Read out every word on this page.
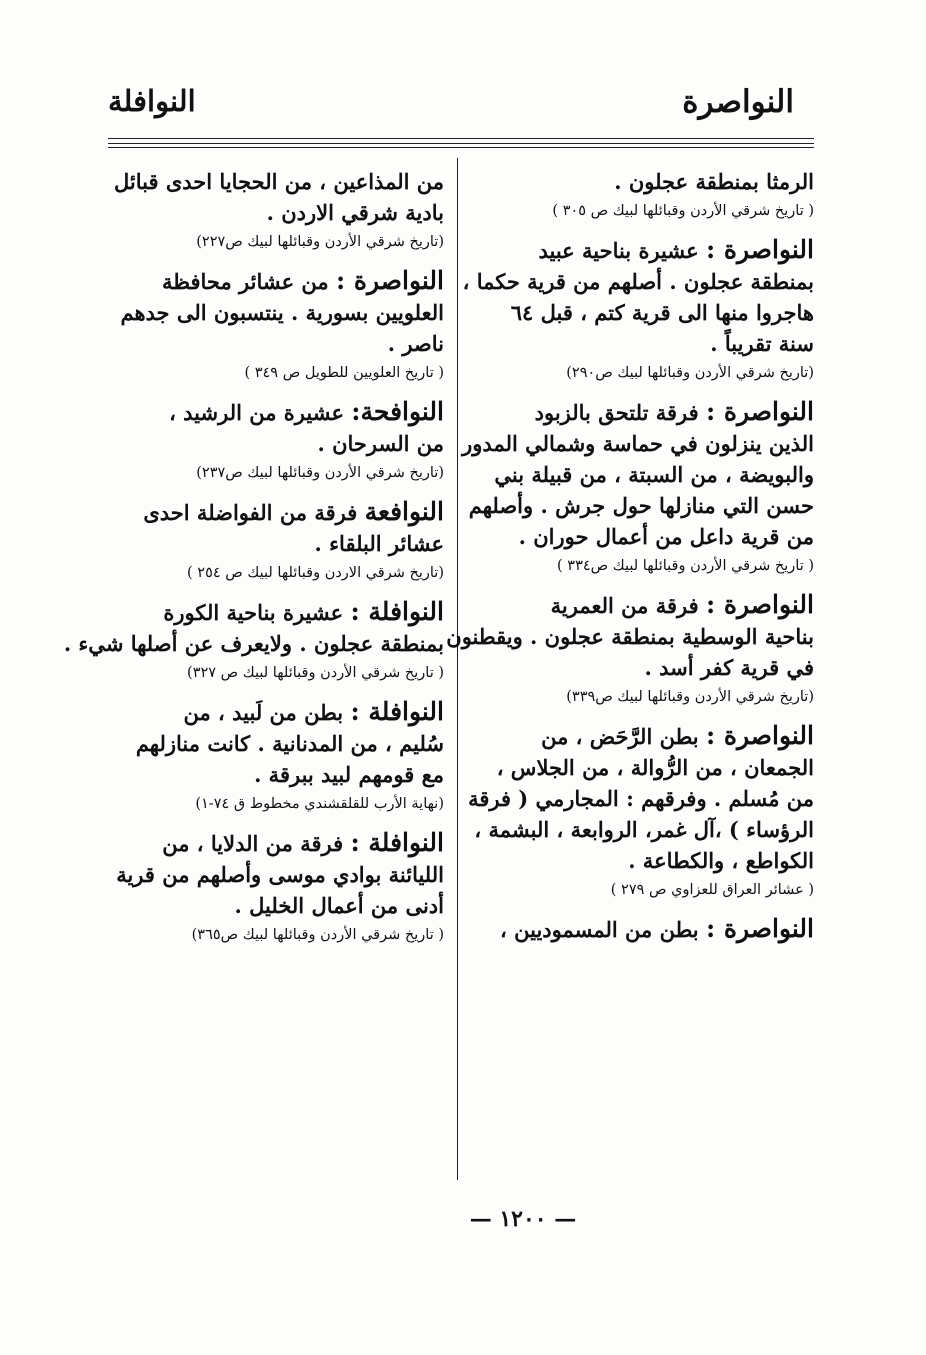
النواصرة
النوافلة
الرمثا بمنطقة عجلون .
( تاريخ شرقي الأردن وقبائلها لبيك ص ٣٠٥ )
النواصرة : عشيرة بناحية عبيد
بمنطقة عجلون . أصلهم من قرية حكما ،
هاجروا منها الى قرية كتم ، قبل ٦٤
سنة تقريباً .
(تاريخ شرقي الأردن وقبائلها لبيك ص٢٩٠)
النواصرة : فرقة تلتحق بالزبود
الذين ينزلون في حماسة وشمالي المدور
والبويضة ، من السبتة ، من قبيلة بني
حسن التي منازلها حول جرش . وأصلهم
من قرية داعل من أعمال حوران .
( تاريخ شرقي الأردن وقبائلها لبيك ص٣٣٤ )
النواصرة : فرقة من العمرية
بناحية الوسطية بمنطقة عجلون . ويقطنون
في قرية كفر أسد .
(تاريخ شرقي الأردن وقبائلها لبيك ص٣٣٩)
النواصرة : بطن الرَّحَض ، من
الجمعان ، من الرُّوالة ، من الجلاس ،
من مُسلم . وفرقهم : المجارمي ( فرقة
الرؤساء ) ،آل غمر، الروابعة ، البشمة ،
الكواطع ، والكطاعة .
( عشائر العراق للعزاوي ص ٢٧٩ )
النواصرة : بطن من المسموديين ،
من المذاعين ، من الحجايا احدى قبائل
بادية شرقي الاردن .
(تاريخ شرقي الأردن وقبائلها لبيك ص٢٢٧)
النواصرة : من عشائر محافظة
العلويين بسورية . ينتسبون الى جدهم
ناصر .
( تاريخ العلويين للطويل ص ٣٤٩ )
النوافحة: عشيرة من الرشيد ،
من السرحان .
(تاريخ شرقي الأردن وقبائلها لبيك ص٢٣٧)
النوافعة فرقة من الفواضلة احدى
عشائر البلقاء .
(تاريخ شرقي الاردن وقبائلها لبيك ص ٢٥٤ )
النوافلة : عشيرة بناحية الكورة
بمنطقة عجلون . ولايعرف عن أصلها شيء .
( تاريخ شرقي الأردن وقبائلها لبيك ص ٣٢٧)
النوافلة : بطن من لَبيد ، من
سُليم ، من المدنانية . كانت منازلهم
مع قومهم لبيد ببرقة .
(نهاية الأرب للقلقشندي مخطوط ق ٧٤-١)
النوافلة : فرقة من الدلايا ، من
الليائنة بوادي موسى وأصلهم من قرية
أدنى من أعمال الخليل .
( تاريخ شرقي الأردن وقبائلها لبيك ص٣٦٥)
— ١٢٠٠ —
